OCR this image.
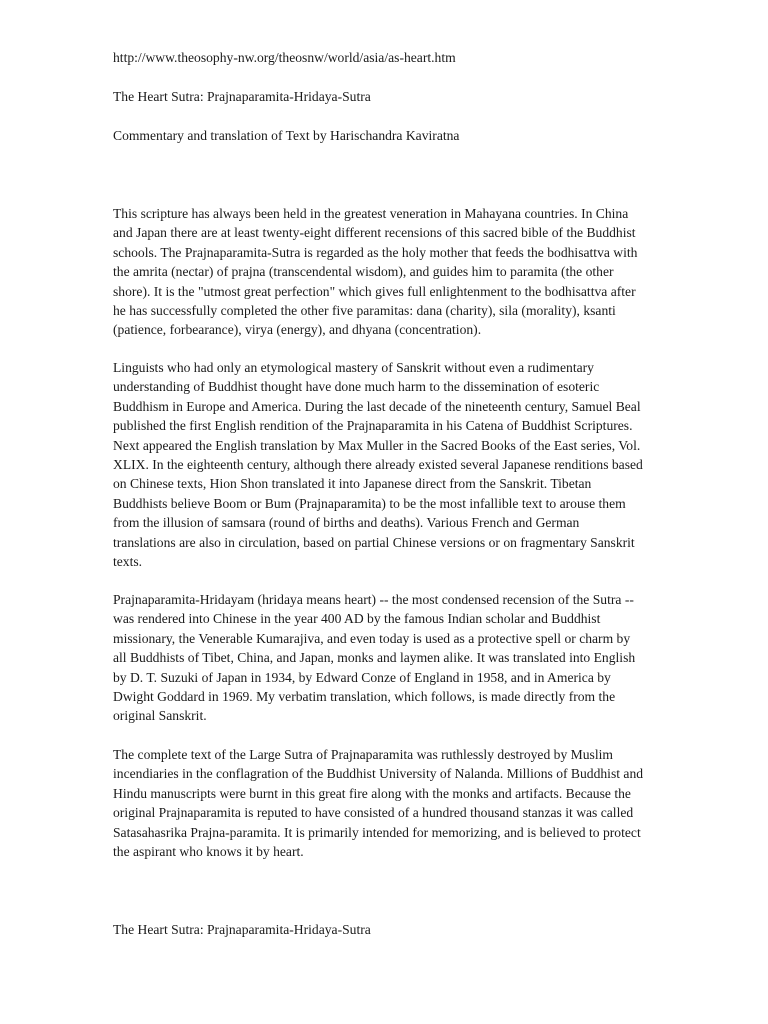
http://www.theosophy-nw.org/theosnw/world/asia/as-heart.htm

The Heart Sutra: Prajnaparamita-Hridaya-Sutra

Commentary and translation of Text by Harischandra Kaviratna

This scripture has always been held in the greatest veneration in Mahayana countries. In China
and Japan there are at least twenty-eight different recensions of this sacred bible of the Buddhist
schools. The Prajnaparamita-Sutra is regarded as the holy mother that feeds the bodhisattva with
the amrita (nectar) of prajna (transcendental wisdom), and guides him to paramita (the other
shore). It is the "utmost great perfection" which gives full enlightenment to the bodhisattva after
he has successfully completed the other five paramitas: dana (charity), sila (morality), ksanti
(patience, forbearance), virya (energy), and dhyana (concentration).
Linguists who had only an etymological mastery of Sanskrit without even a rudimentary
understanding of Buddhist thought have done much harm to the dissemination of esoteric
Buddhism in Europe and America. During the last decade of the nineteenth century, Samuel Beal
published the first English rendition of the Prajnaparamita in his Catena of Buddhist Scriptures.
Next appeared the English translation by Max Muller in the Sacred Books of the East series, Vol.
XLIX. In the eighteenth century, although there already existed several Japanese renditions based
on Chinese texts, Hion Shon translated it into Japanese direct from the Sanskrit. Tibetan
Buddhists believe Boom or Bum (Prajnaparamita) to be the most infallible text to arouse them
from the illusion of samsara (round of births and deaths). Various French and German
translations are also in circulation, based on partial Chinese versions or on fragmentary Sanskrit
texts.
Prajnaparamita-Hridayam (hridaya means heart) -- the most condensed recension of the Sutra --
was rendered into Chinese in the year 400 AD by the famous Indian scholar and Buddhist
missionary, the Venerable Kumarajiva, and even today is used as a protective spell or charm by
all Buddhists of Tibet, China, and Japan, monks and laymen alike. It was translated into English
by D. T. Suzuki of Japan in 1934, by Edward Conze of England in 1958, and in America by
Dwight Goddard in 1969. My verbatim translation, which follows, is made directly from the
original Sanskrit.
The complete text of the Large Sutra of Prajnaparamita was ruthlessly destroyed by Muslim
incendiaries in the conflagration of the Buddhist University of Nalanda. Millions of Buddhist and
Hindu manuscripts were burnt in this great fire along with the monks and artifacts. Because the
original Prajnaparamita is reputed to have consisted of a hundred thousand stanzas it was called
Satasahasrika Prajna-paramita. It is primarily intended for memorizing, and is believed to protect
the aspirant who knows it by heart.

The Heart Sutra: Prajnaparamita-Hridaya-Sutra
